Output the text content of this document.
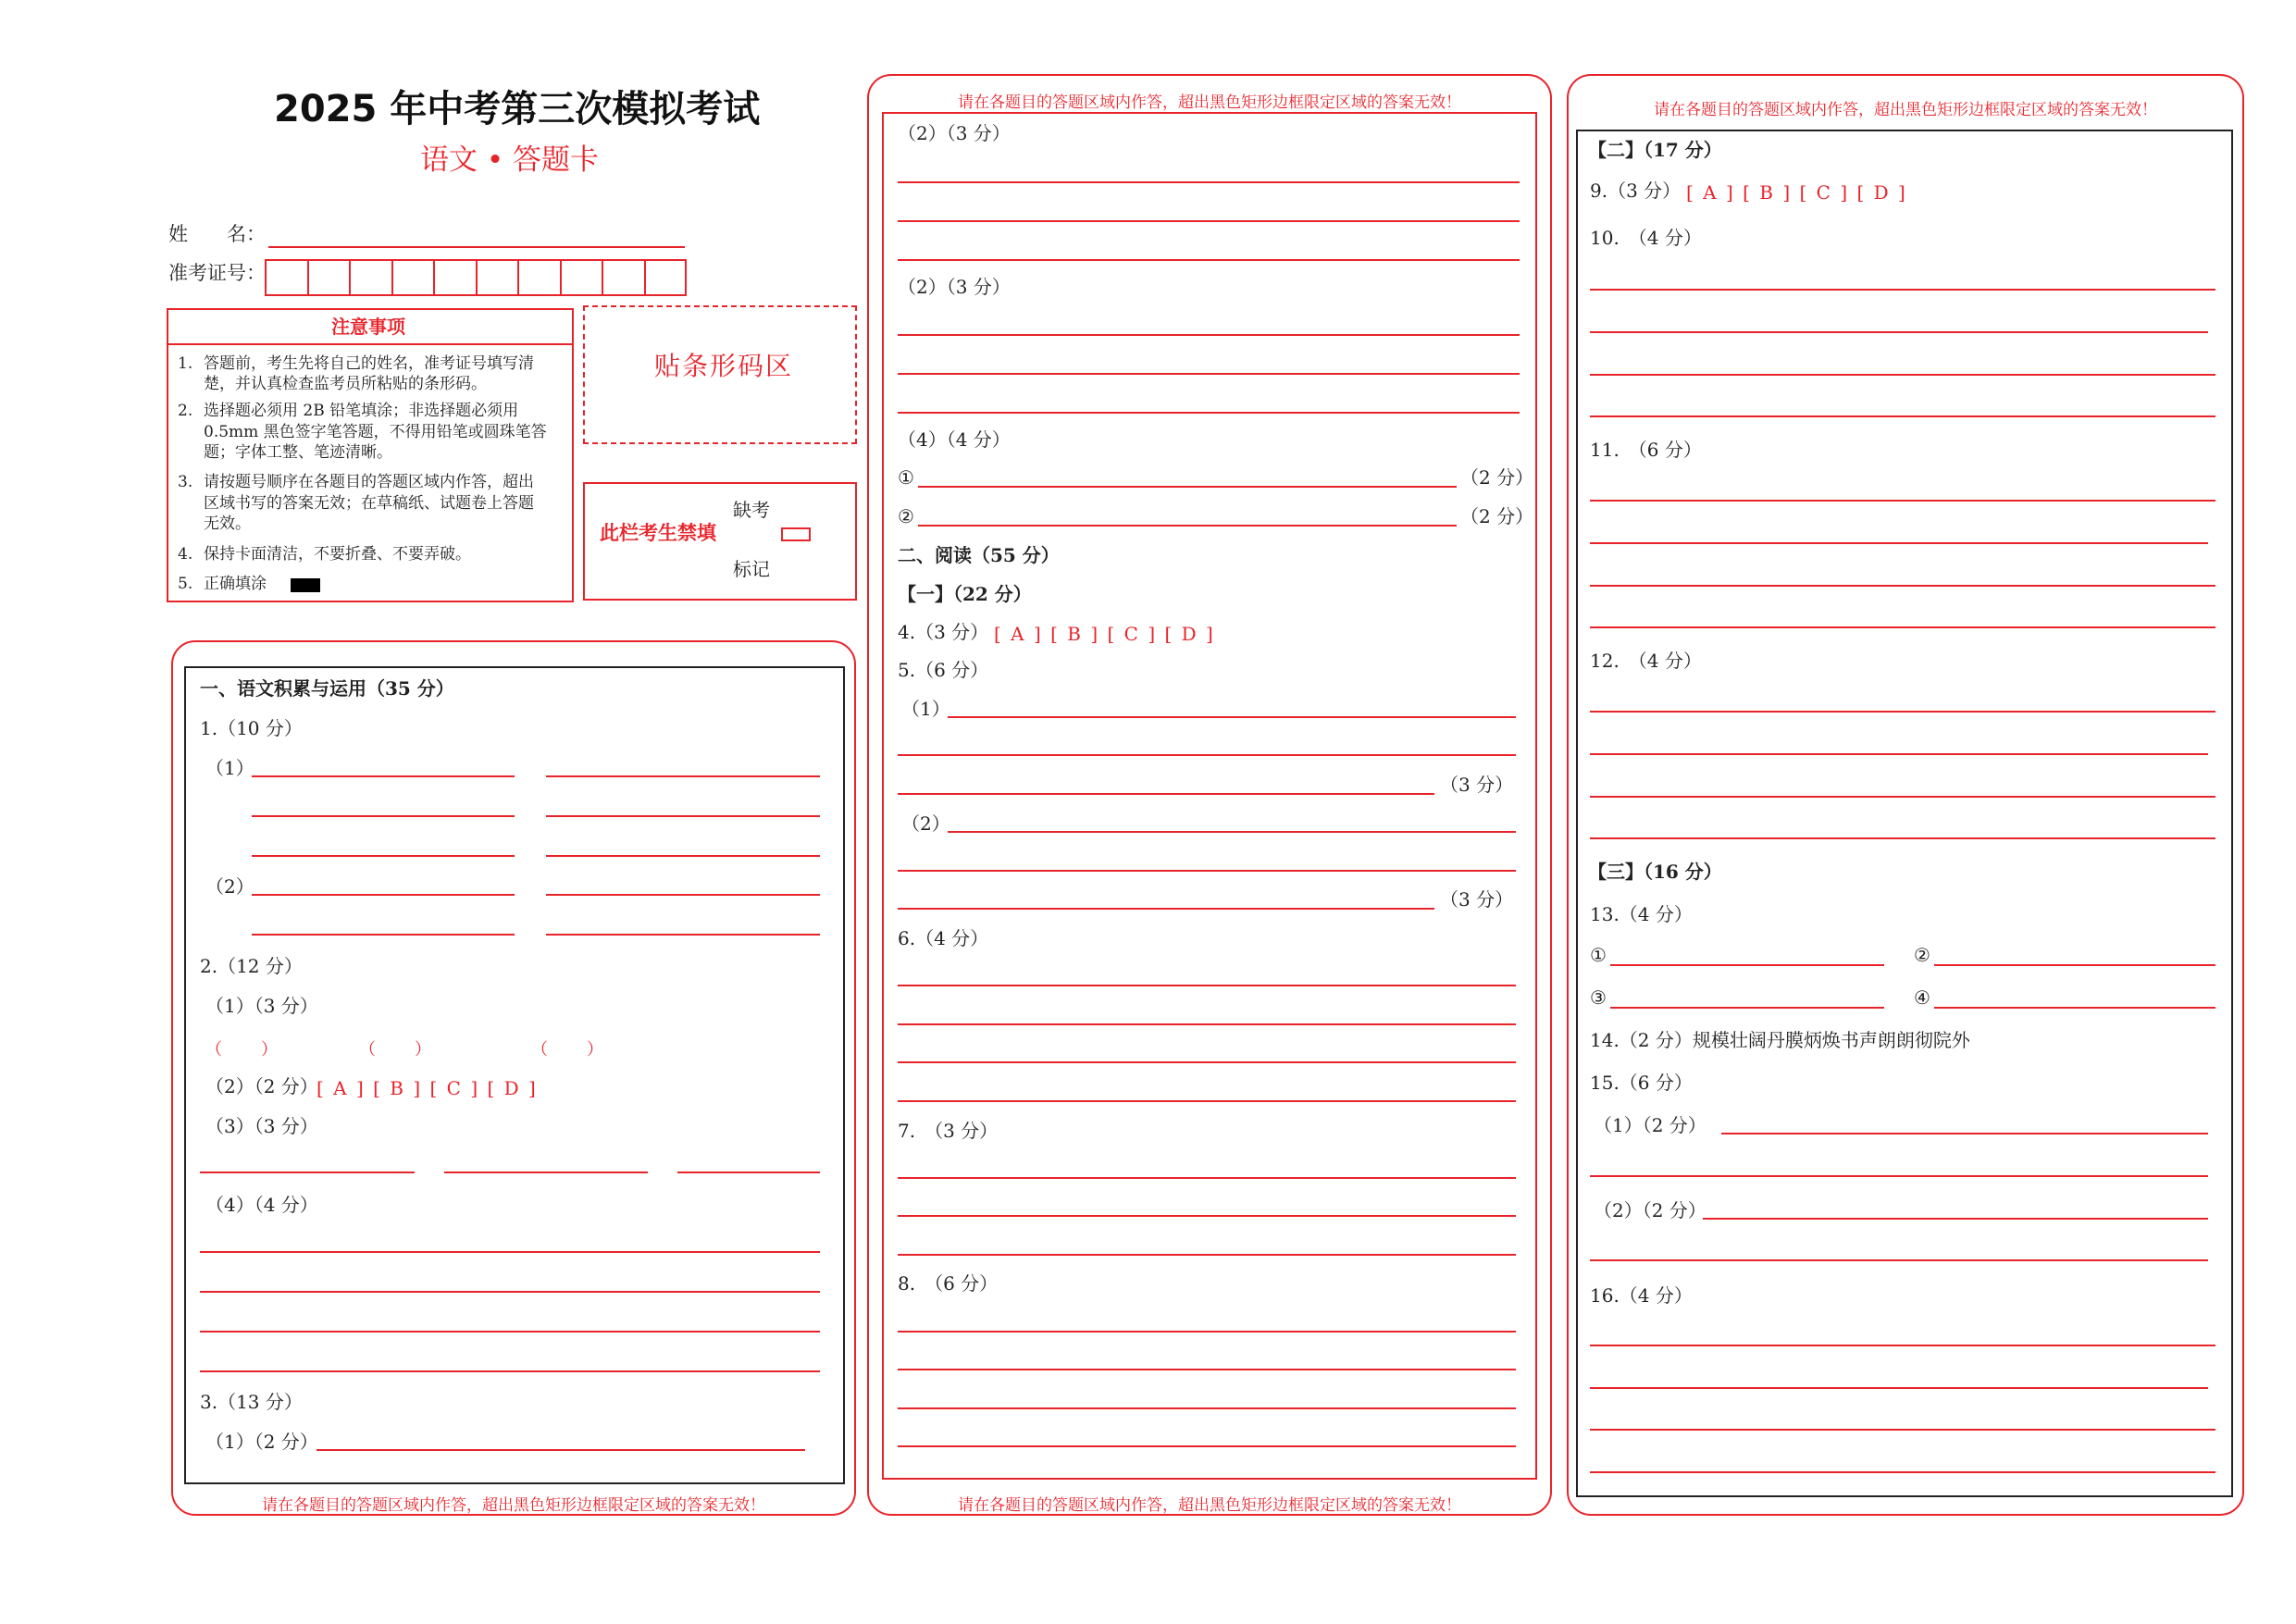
2025 年中考第三次模拟考试
语文 • 答题卡
姓　　名：
准考证号：
注意事项
1. 答题前，考生先将自己的姓名，准考证号填写清
楚，并认真检查监考员所粘贴的条形码。
2. 选择题必须用 2B 铅笔填涂；非选择题必须用
0.5mm 黑色签字笔答题，不得用铅笔或圆珠笔答
题；字体工整、笔迹清晰。
3. 请按题号顺序在各题目的答题区域内作答，超出
区域书写的答案无效；在草稿纸、试题卷上答题
无效。
4. 保持卡面清洁，不要折叠、不要弄破。
5. 正确填涂
贴条形码区
此栏考生禁填
缺考
标记
请在各题目的答题区域内作答，超出黑色矩形边框限定区域的答案无效！
一、语文积累与运用（35 分）
1.（10 分）
（1）
（2）
2.（12 分）
（1）（3 分）
（　　）	（　　）	（　　）
（2）（2 分）
[ A ] [ B ] [ C ] [ D ]
（3）（3 分）
（4）（4 分）
3.（13 分）
（1）（2 分）
请在各题目的答题区域内作答，超出黑色矩形边框限定区域的答案无效！
请在各题目的答题区域内作答，超出黑色矩形边框限定区域的答案无效！
（2）（3 分）
（2）（3 分）
（4）（4 分）
①	（2 分）
②	（2 分）
二、阅读（55 分）
【一】（22 分）
4.（3 分） [ A ] [ B ] [ C ] [ D ]
5.（6 分）
（1）
（3 分）
（2）
（3 分）
6.（4 分）
7.　（3 分）
8.　（6 分）
请在各题目的答题区域内作答，超出黑色矩形边框限定区域的答案无效！
【二】（17 分）
9.（3 分） [ A ] [ B ] [ C ] [ D ]
10.　（4 分）
11.　（6 分）
12.　（4 分）
【三】（16 分）
13.（4 分）
①	②
③	④
14.（2 分）规模壮阔丹膜炳焕书声朗朗彻院外
15.（6 分）
（1）（2 分）
（2）（2 分）
16.（4 分）
